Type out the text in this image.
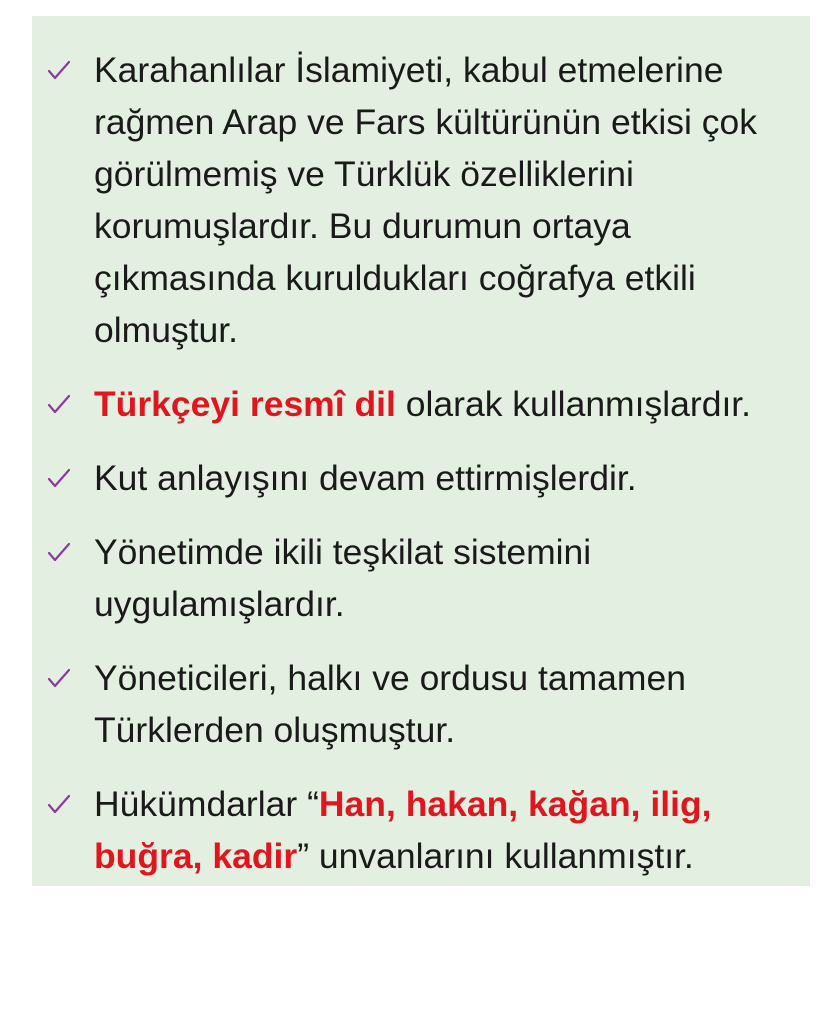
Karahanlılar İslamiyeti, kabul etmelerine rağmen Arap ve Fars kültürünün etkisi çok görülmemiş ve Türklük özelliklerini korumuşlardır. Bu durumun ortaya çıkmasında kuruldukları coğrafya etkili olmuştur.
Türkçeyi resmî dil olarak kullanmışlardır.
Kut anlayışını devam ettirmişlerdir.
Yönetimde ikili teşkilat sistemini uygulamışlardır.
Yöneticileri, halkı ve ordusu tamamen Türklerden oluşmuştur.
Hükümdarlar “Han, hakan, kağan, ilig, buğra, kadir” unvanlarını kullanmıştır.
